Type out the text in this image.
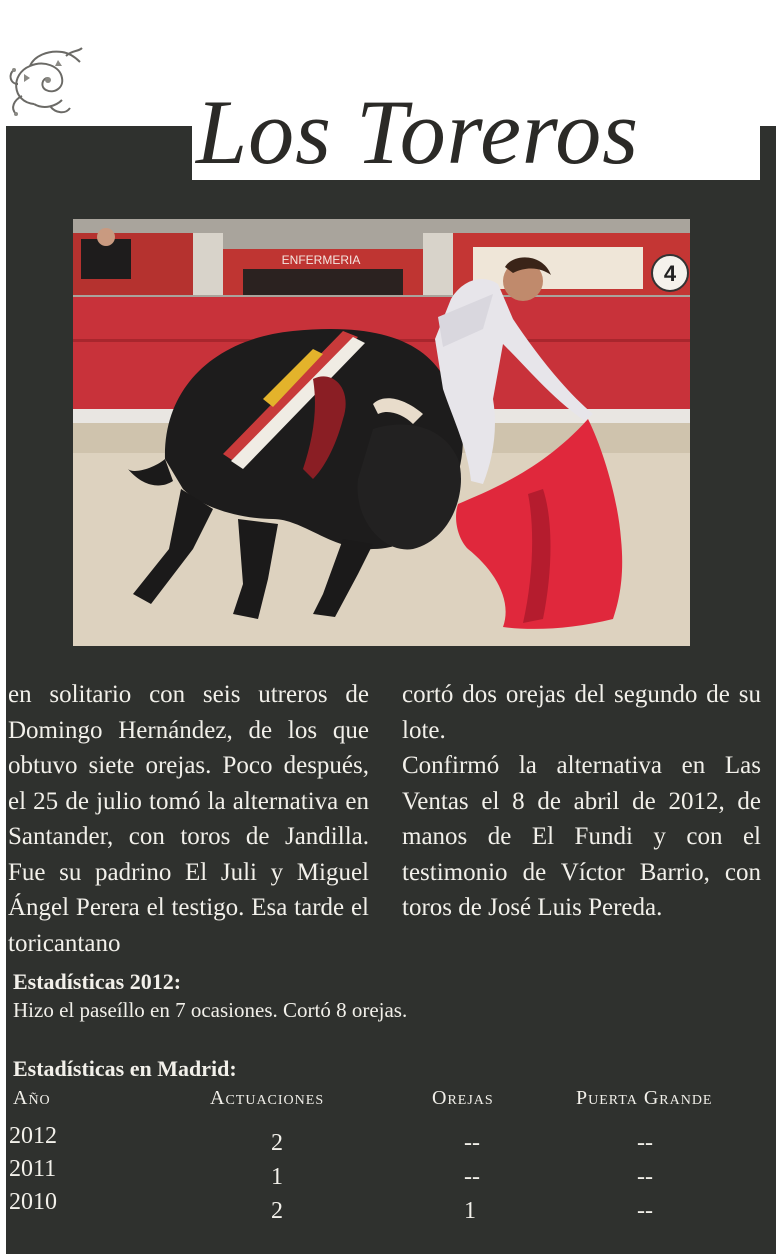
Los Toreros
ENFERMERIA
4

en solitario con seis utreros de Domingo Hernández, de los que obtuvo siete orejas. Poco después, el 25 de julio tomó la alternativa en Santander, con toros de Jandilla. Fue su padrino El Juli y Miguel Ángel Perera el testigo. Esa tarde el toricantano

cortó dos orejas del segundo de su lote.

Confirmó la alternativa en Las Ventas el 8 de abril de 2012, de manos de El Fundi y con el testimonio de Víctor Barrio, con toros de José Luis Pereda.

Estadísticas 2012:
Hizo el paseíllo en 7 ocasiones. Cortó 8 orejas.
Estadísticas en Madrid:
Año	Actuaciones	Orejas	Puerta Grande
2012	2	--	--
2011	1	--	--
2010	2	1	--
